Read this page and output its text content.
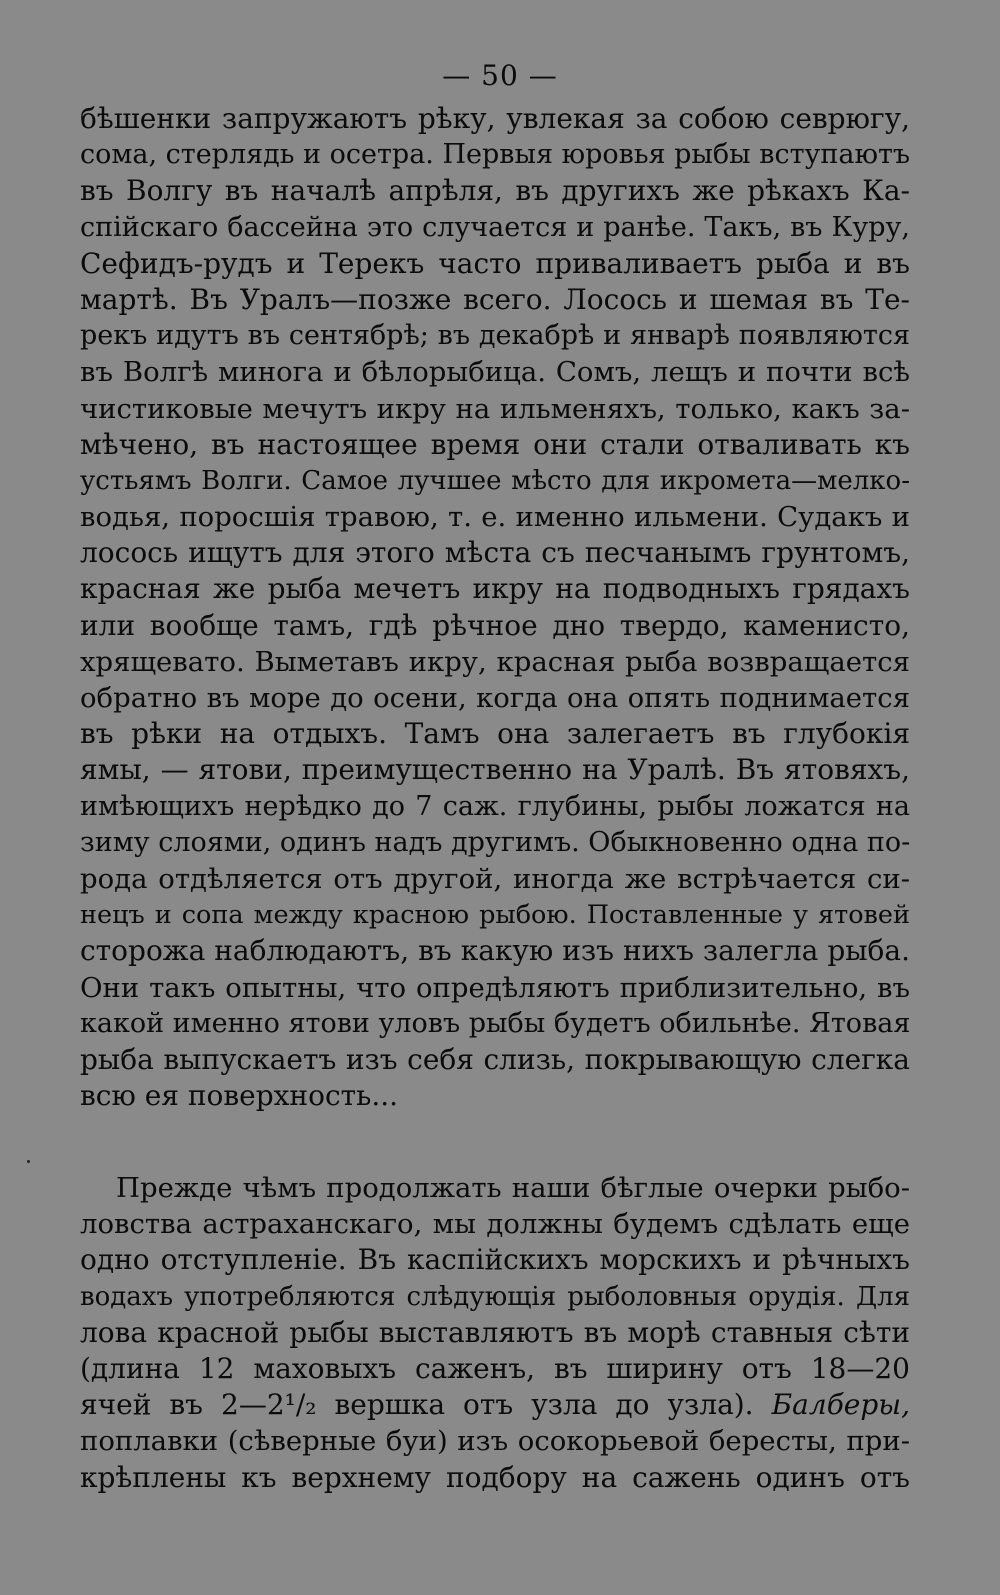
— 50 —
бѣшенки запружаютъ рѣку, увлекая за собою севрюгу,
сома, стерлядь и осетра. Первыя юровья рыбы вступаютъ
въ Волгу въ началѣ апрѣля, въ другихъ же рѣкахъ Ка-
спійскаго бассейна это случается и ранѣе. Такъ, въ Куру,
Сефидъ-рудъ и Терекъ часто приваливаетъ рыба и въ
мартѣ. Въ Уралъ—позже всего. Лосось и шемая въ Те-
рекъ идутъ въ сентябрѣ; въ декабрѣ и январѣ появляются
въ Волгѣ минога и бѣлорыбица. Сомъ, лещъ и почти всѣ
чистиковые мечутъ икру на ильменяхъ, только, какъ за-
мѣчено, въ настоящее время они стали отваливать къ
устьямъ Волги. Самое лучшее мѣсто для икромета—мелко-
водья, поросшія травою, т. е. именно ильмени. Судакъ и
лосось ищутъ для этого мѣста съ песчанымъ грунтомъ,
красная же рыба мечетъ икру на подводныхъ грядахъ
или вообще тамъ, гдѣ рѣчное дно твердо, каменисто,
хрящевато. Выметавъ икру, красная рыба возвращается
обратно въ море до осени, когда она опять поднимается
въ рѣки на отдыхъ. Тамъ она залегаетъ въ глубокія
ямы, — ятови, преимущественно на Уралѣ. Въ ятовяхъ,
имѣющихъ нерѣдко до 7 саж. глубины, рыбы ложатся на
зиму слоями, одинъ надъ другимъ. Обыкновенно одна по-
рода отдѣляется отъ другой, иногда же встрѣчается си-
нецъ и сопа между красною рыбою. Поставленные у ятовей
сторожа наблюдаютъ, въ какую изъ нихъ залегла рыба.
Они такъ опытны, что опредѣляютъ приблизительно, въ
какой именно ятови уловъ рыбы будетъ обильнѣе. Ятовая
рыба выпускаетъ изъ себя слизь, покрывающую слегка
всю ея поверхность...
Прежде чѣмъ продолжать наши бѣглые очерки рыбо-
ловства астраханскаго, мы должны будемъ сдѣлать еще
одно отступленіе. Въ каспійскихъ морскихъ и рѣчныхъ
водахъ употребляются слѣдующія рыболовныя орудія. Для
лова красной рыбы выставляютъ въ морѣ ставныя сѣти
(длина 12 маховыхъ саженъ, въ ширину отъ 18—20
ячей въ 2—2¹/₂ вершка отъ узла до узла). Балберы,
поплавки (сѣверные буи) изъ осокорьевой бересты, при-
крѣплены къ верхнему подбору на сажень одинъ отъ
